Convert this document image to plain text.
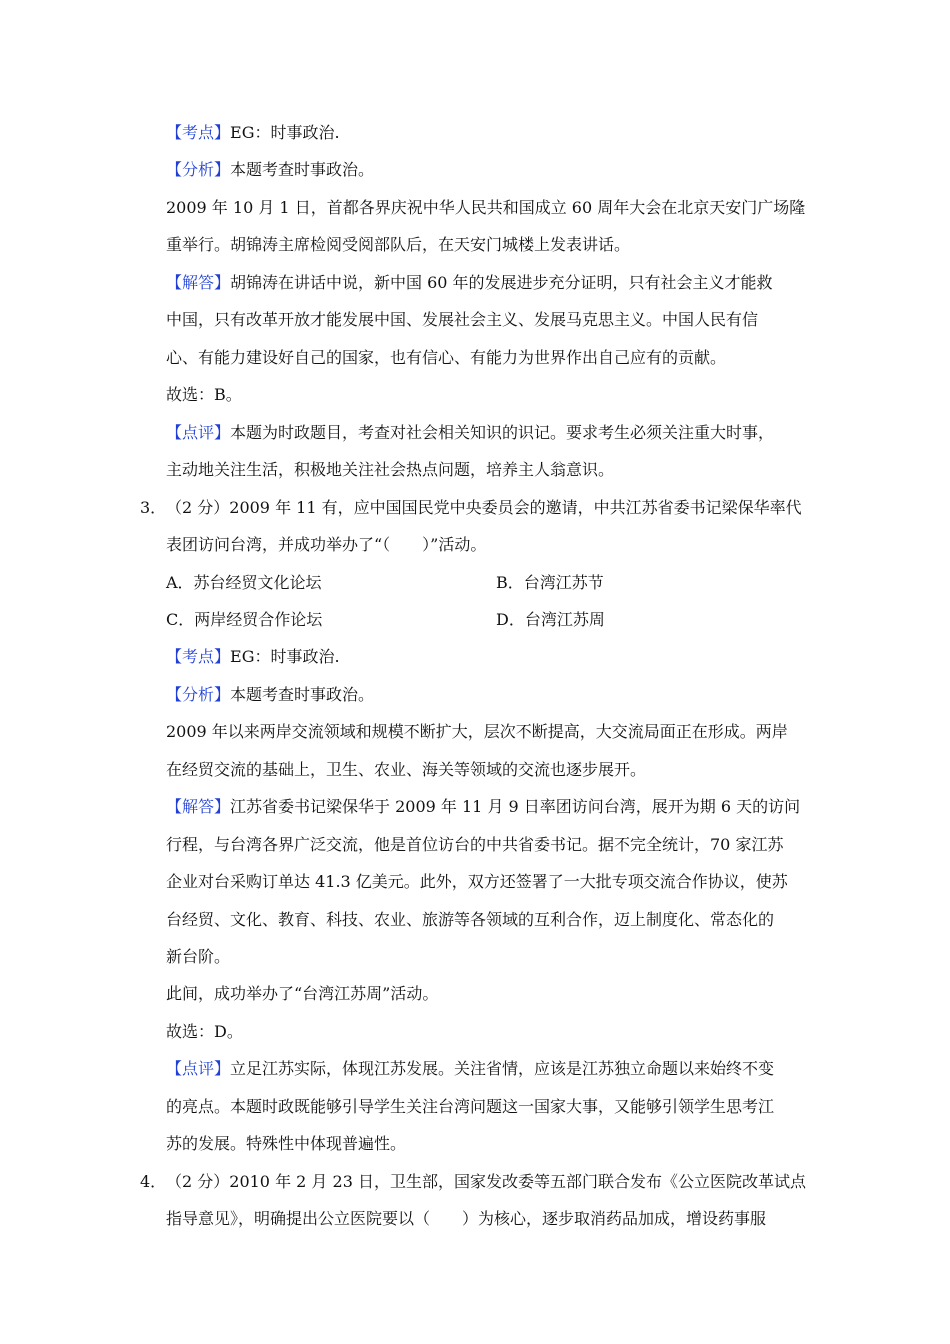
【考点】EG：时事政治.
【分析】本题考查时事政治。
2009 年 10 月 1 日，首都各界庆祝中华人民共和国成立 60 周年大会在北京天安门广场隆
重举行。胡锦涛主席检阅受阅部队后，在天安门城楼上发表讲话。
【解答】胡锦涛在讲话中说，新中国 60 年的发展进步充分证明，只有社会主义才能救
中国，只有改革开放才能发展中国、发展社会主义、发展马克思主义。中国人民有信
心、有能力建设好自己的国家，也有信心、有能力为世界作出自己应有的贡献。
故选：B。
【点评】本题为时政题目，考查对社会相关知识的识记。要求考生必须关注重大时事，
主动地关注生活，积极地关注社会热点问题，培养主人翁意识。
3． （2 分）2009 年 11 有，应中国国民党中央委员会的邀请，中共江苏省委书记梁保华率代
表团访问台湾，并成功举办了“（　　）”活动。
A．苏台经贸文化论坛	B．台湾江苏节
C．两岸经贸合作论坛	D．台湾江苏周
【考点】EG：时事政治.
【分析】本题考查时事政治。
2009 年以来两岸交流领域和规模不断扩大，层次不断提高，大交流局面正在形成。两岸
在经贸交流的基础上，卫生、农业、海关等领域的交流也逐步展开。
【解答】江苏省委书记梁保华于 2009 年 11 月 9 日率团访问台湾，展开为期 6 天的访问
行程，与台湾各界广泛交流，他是首位访台的中共省委书记。据不完全统计，70 家江苏
企业对台采购订单达 41.3 亿美元。此外，双方还签署了一大批专项交流合作协议，使苏
台经贸、文化、教育、科技、农业、旅游等各领域的互利合作，迈上制度化、常态化的
新台阶。
此间，成功举办了“台湾江苏周”活动。
故选：D。
【点评】立足江苏实际，体现江苏发展。关注省情，应该是江苏独立命题以来始终不变
的亮点。本题时政既能够引导学生关注台湾问题这一国家大事，又能够引领学生思考江
苏的发展。特殊性中体现普遍性。
4． （2 分）2010 年 2 月 23 日，卫生部，国家发改委等五部门联合发布《公立医院改革试点
指导意见》，明确提出公立医院要以（　　）为核心，逐步取消药品加成，增设药事服
